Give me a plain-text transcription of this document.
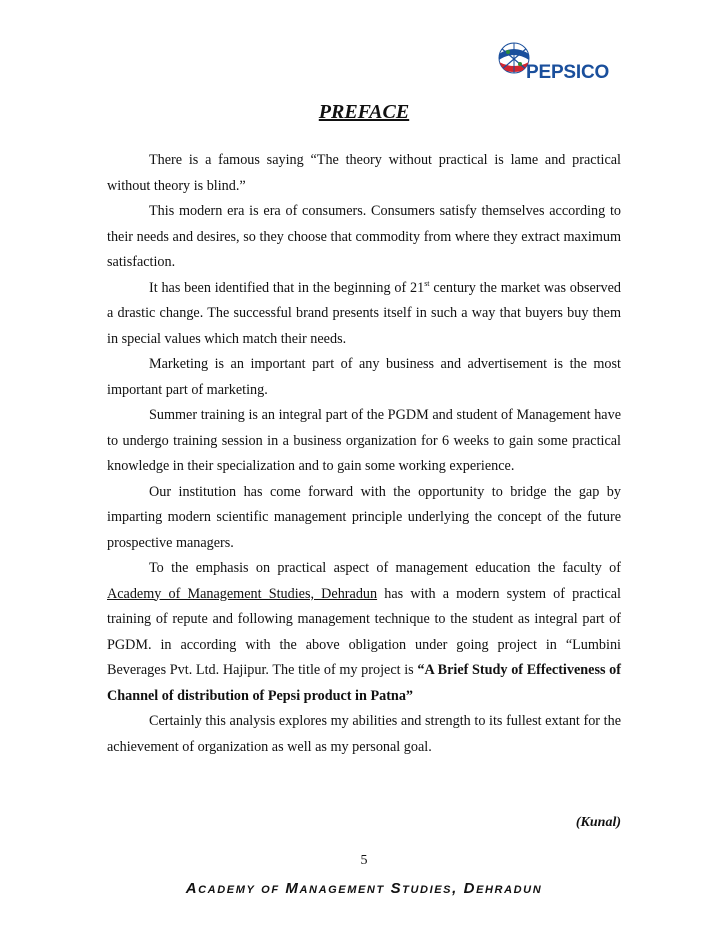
PEPSICO
PREFACE

There is a famous saying “The theory without practical is lame and practical without theory is blind.”

This modern era is era of consumers. Consumers satisfy themselves according to their needs and desires, so they choose that commodity from where they extract maximum satisfaction.

It has been identified that in the beginning of 21st century the market was observed a drastic change. The successful brand presents itself in such a way that buyers buy them in special values which match their needs.

Marketing is an important part of any business and advertisement is the most important part of marketing.

Summer training is an integral part of the PGDM and student of Management have to undergo training session in a business organization for 6 weeks to gain some practical knowledge in their specialization and to gain some working experience.

Our institution has come forward with the opportunity to bridge the gap by imparting modern scientific management principle underlying the concept of the future prospective managers.

To the emphasis on practical aspect of management education the faculty of Academy of Management Studies, Dehradun has with a modern system of practical training of repute and following management technique to the student as integral part of PGDM. in according with the above obligation under going project in “Lumbini Beverages Pvt. Ltd. Hajipur. The title of my project is “A Brief Study of Effectiveness of Channel of distribution of Pepsi product in Patna”

Certainly this analysis explores my abilities and strength to its fullest extant for the achievement of organization as well as my personal goal.

(Kunal)
5
Academy of Management Studies, Dehradun
